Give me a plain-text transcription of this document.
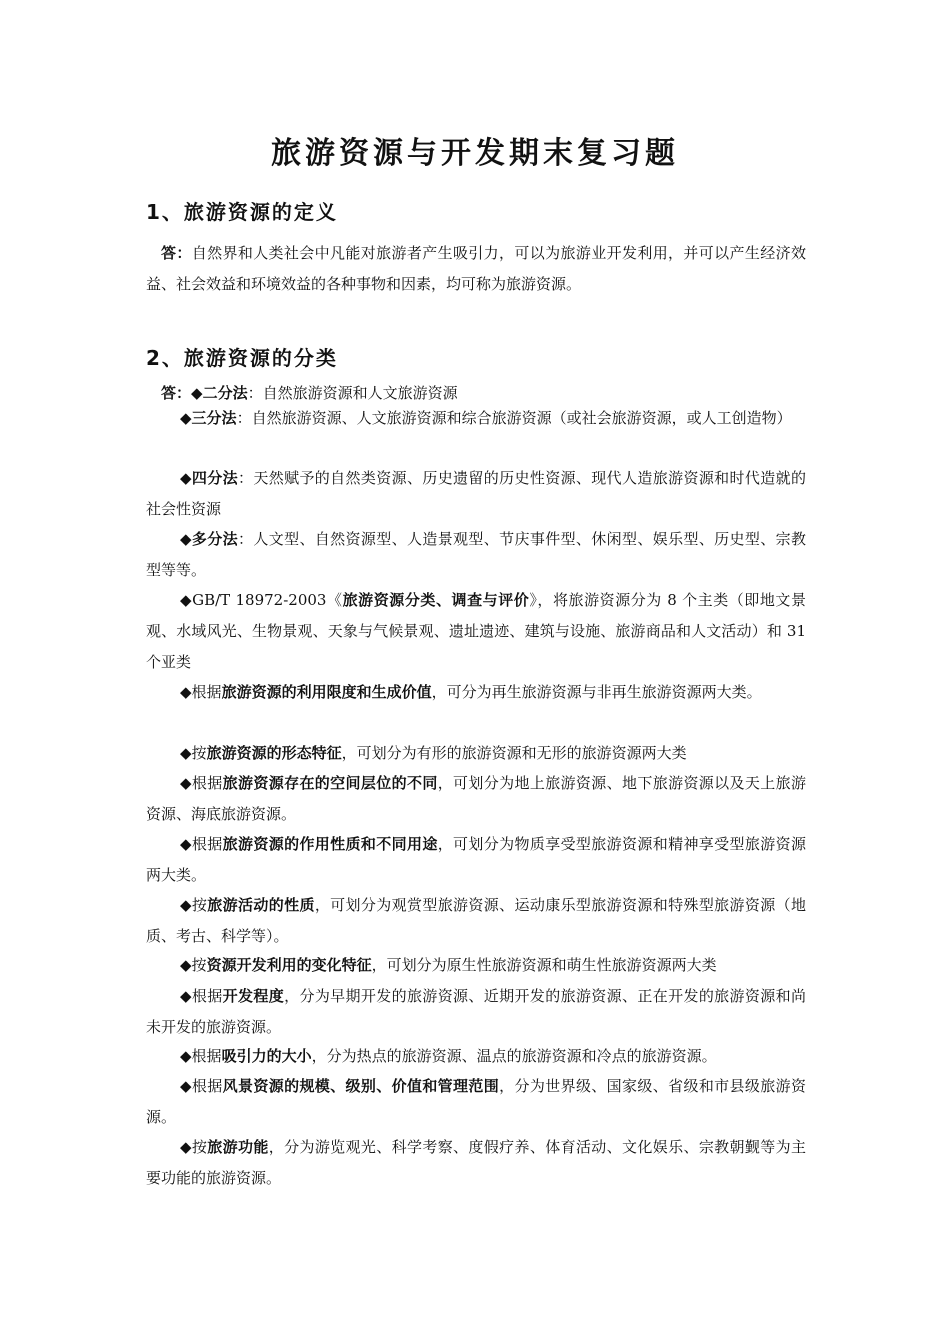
旅游资源与开发期末复习题
1、旅游资源的定义

答：自然界和人类社会中凡能对旅游者产生吸引力，可以为旅游业开发利用，并可以产生经济效益、社会效益和环境效益的各种事物和因素，均可称为旅游资源。

2、旅游资源的分类

答：◆二分法：自然旅游资源和人文旅游资源

◆三分法：自然旅游资源、人文旅游资源和综合旅游资源（或社会旅游资源，或人工创造物）

◆四分法：天然赋予的自然类资源、历史遗留的历史性资源、现代人造旅游资源和时代造就的社会性资源

◆多分法：人文型、自然资源型、人造景观型、节庆事件型、休闲型、娱乐型、历史型、宗教型等等。

◆GB/T 18972-2003《旅游资源分类、调查与评价》，将旅游资源分为 8 个主类（即地文景观、水域风光、生物景观、天象与气候景观、遗址遗迹、建筑与设施、旅游商品和人文活动）和 31 个亚类

◆根据旅游资源的利用限度和生成价值，可分为再生旅游资源与非再生旅游资源两大类。

◆按旅游资源的形态特征，可划分为有形的旅游资源和无形的旅游资源两大类

◆根据旅游资源存在的空间层位的不同，可划分为地上旅游资源、地下旅游资源以及天上旅游资源、海底旅游资源。

◆根据旅游资源的作用性质和不同用途，可划分为物质享受型旅游资源和精神享受型旅游资源两大类。

◆按旅游活动的性质，可划分为观赏型旅游资源、运动康乐型旅游资源和特殊型旅游资源（地质、考古、科学等）。

◆按资源开发利用的变化特征，可划分为原生性旅游资源和萌生性旅游资源两大类

◆根据开发程度，分为早期开发的旅游资源、近期开发的旅游资源、正在开发的旅游资源和尚未开发的旅游资源。

◆根据吸引力的大小，分为热点的旅游资源、温点的旅游资源和冷点的旅游资源。

◆根据风景资源的规模、级别、价值和管理范围，分为世界级、国家级、省级和市县级旅游资源。

◆按旅游功能，分为游览观光、科学考察、度假疗养、体育活动、文化娱乐、宗教朝觐等为主要功能的旅游资源。
